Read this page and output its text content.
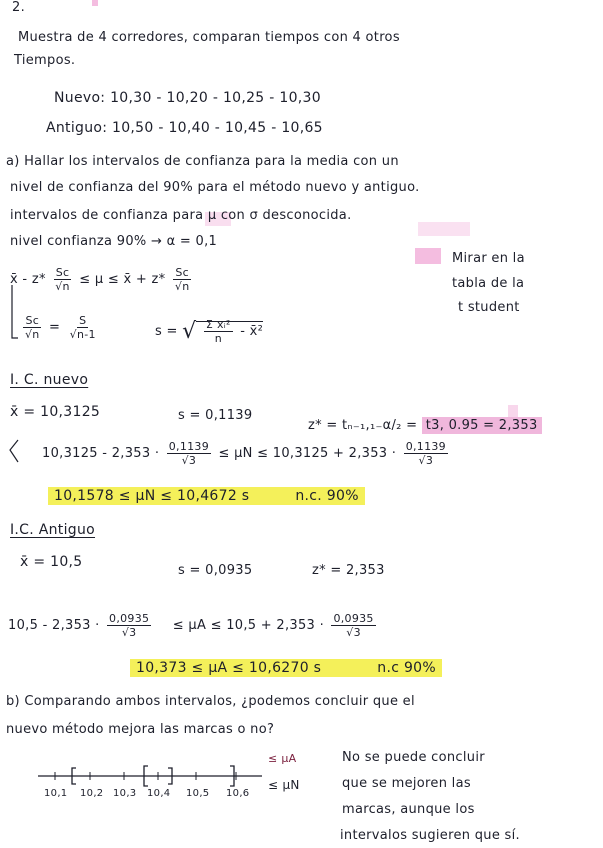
2.
Muestra de 4 corredores, comparan tiempos con 4 otros
Tiempos.
Nuevo: 10,30 - 10,20 - 10,25 - 10,30
Antiguo: 10,50 - 10,40 - 10,45 - 10,65
a) Hallar los intervalos de confianza para la media con un
nivel de confianza del 90% para el método nuevo y antiguo.
intervalos de confianza para μ con σ desconocida.
nivel confianza 90% → α = 0,1
x̄ - $z* \frac{Sc}{√n} \le \mu$ ≤ x̄ + $z* \frac{Sc}{√n}$
Mirar en la
tabla de la
t student
$\frac{Sc}{√n} = \frac{S}{√n-1}$	s = √ $\frac{\text{Σ xᵢ²}}{n}$ - x̄²
I. C. nuevo
x̄ = 10,3125	s = 0,1139
z* = tₙ₋₁,₁₋α/₂ = t3, 0.95 = 2,353
$10,3125 - 2,353 \cdot \frac{0,1139}{√3} \le \mu N \le 10,3125 + 2,353 \cdot \frac{0,1139}{√3}$
10,1578 ≤ μN ≤ 10,4672 s	n.c. 90%
I.C. Antiguo
x̄ = 10,5
s = 0,0935	z* = 2,353
$10,5 - 2,353 \cdot \frac{0,0935}{√3} \le \mu A \le 10,5 + 2,353 \cdot \frac{0,0935}{√3}$
10,373 ≤ μA ≤ 10,6270 s	n.c 90%
b) Comparando ambos intervalos, ¿podemos concluir que el
nuevo método mejora las marcas o no?
10,1 10,2 10,3 10,4 10,5 10,6
≤ μA
≤ μN
No se puede concluir
que se mejoren las
marcas, aunque los
intervalos sugieren que sí.
